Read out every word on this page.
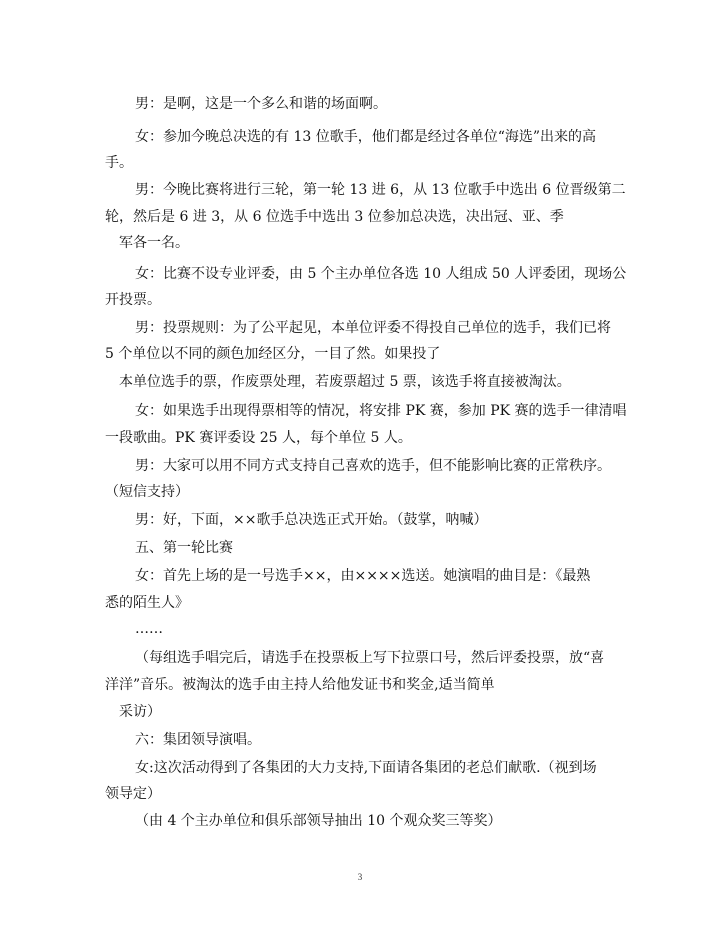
男：是啊，这是一个多么和谐的场面啊。
女：参加今晚总决选的有 13 位歌手，他们都是经过各单位“海选”出来的高
手。
男：今晚比赛将进行三轮，第一轮 13 进 6，从 13 位歌手中选出 6 位晋级第二
轮，然后是 6 进 3，从 6 位选手中选出 3 位参加总决选，决出冠、亚、季
军各一名。
女：比赛不设专业评委，由 5 个主办单位各选 10 人组成 50 人评委团，现场公
开投票。
男：投票规则：为了公平起见，本单位评委不得投自己单位的选手，我们已将
5 个单位以不同的颜色加经区分，一目了然。如果投了
本单位选手的票，作废票处理，若废票超过 5 票，该选手将直接被淘汰。
女：如果选手出现得票相等的情况，将安排 PK 赛，参加 PK 赛的选手一律清唱
一段歌曲。PK 赛评委设 25 人，每个单位 5 人。
男：大家可以用不同方式支持自己喜欢的选手，但不能影响比赛的正常秩序。
（短信支持）
男：好，下面，××歌手总决选正式开始。（鼓掌，呐喊）
五、第一轮比赛
女：首先上场的是一号选手××，由××××选送。她演唱的曲目是：《最熟
悉的陌生人》
……
（每组选手唱完后，请选手在投票板上写下拉票口号，然后评委投票，放“喜
洋洋”音乐。被淘汰的选手由主持人给他发证书和奖金,适当简单
采访）
六：集团领导演唱。
女:这次活动得到了各集团的大力支持,下面请各集团的老总们献歌.（视到场
领导定）
（由 4 个主办单位和俱乐部领导抽出 10 个观众奖三等奖）
3
